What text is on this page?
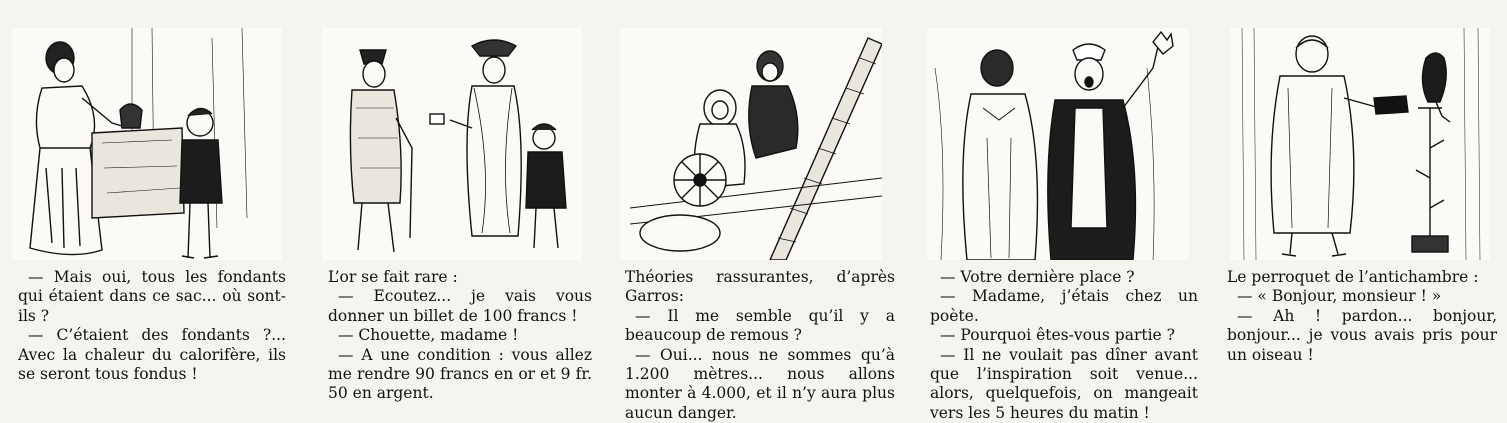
— Mais oui, tous les fondants qui étaient dans ce sac... où sont-ils ?

— C’étaient des fondants ?... Avec la chaleur du calorifère, ils se seront tous fondus !

L’or se fait rare :

— Ecoutez... je vais vous donner un billet de 100 francs !

— Chouette, madame !

— A une condition : vous allez me rendre 90 francs en or et 9 fr. 50 en argent.

Théories rassurantes, d’après Garros:

— Il me semble qu’il y a beaucoup de remous ?

— Oui... nous ne sommes qu’à 1.200 mètres... nous allons monter à 4.000, et il n’y aura plus aucun danger.

— Votre dernière place ?

— Madame, j’étais chez un poète.

— Pourquoi êtes-vous partie ?

— Il ne voulait pas dîner avant que l’inspiration soit venue... alors, quelquefois, on mangeait vers les 5 heures du matin !

Le perroquet de l’antichambre :

— « Bonjour, monsieur ! »

— Ah ! pardon... bonjour, bonjour... je vous avais pris pour un oiseau !
